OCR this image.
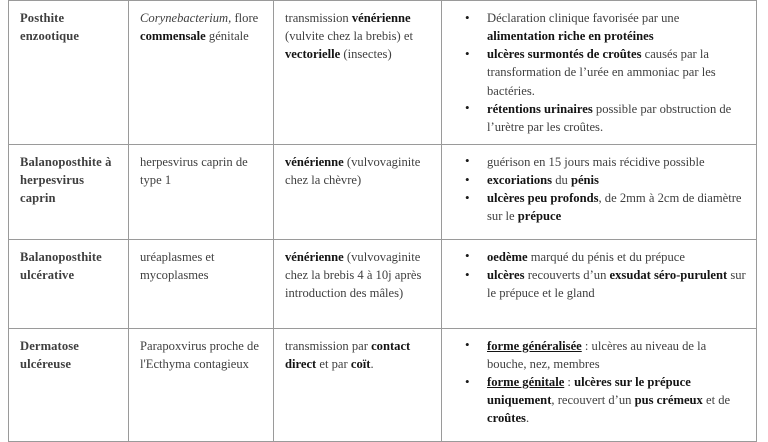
Posthite enzootique	Corynebacterium, flore commensale génitale	transmission vénérienne (vulvite chez la brebis) et vectorielle (insectes)	
• Déclaration clinique favorisée par une alimentation riche en protéines
• ulcères surmontés de croûtes causés par la transformation de l’urée en ammoniac par les bactéries.
• rétentions urinaires possible par obstruction de l’urètre par les croûtes.

Balanoposthite à herpesvirus caprin	herpesvirus caprin de type 1	vénérienne (vulvovaginite chez la chèvre)	
• guérison en 15 jours mais récidive possible
• excoriations du pénis
• ulcères peu profonds, de 2mm à 2cm de diamètre sur le prépuce

Balanoposthite ulcérative	uréaplasmes et mycoplasmes	vénérienne (vulvovaginite chez la brebis 4 à 10j après introduction des mâles)	
• oedème marqué du pénis et du prépuce
• ulcères recouverts d’un exsudat séro-purulent sur le prépuce et le gland

Dermatose ulcéreuse	Parapoxvirus proche de l'Ecthyma contagieux	transmission par contact direct et par coït.	
• forme généralisée : ulcères au niveau de la bouche, nez, membres
• forme génitale : ulcères sur le prépuce uniquement, recouvert d’un pus crémeux et de croûtes.
